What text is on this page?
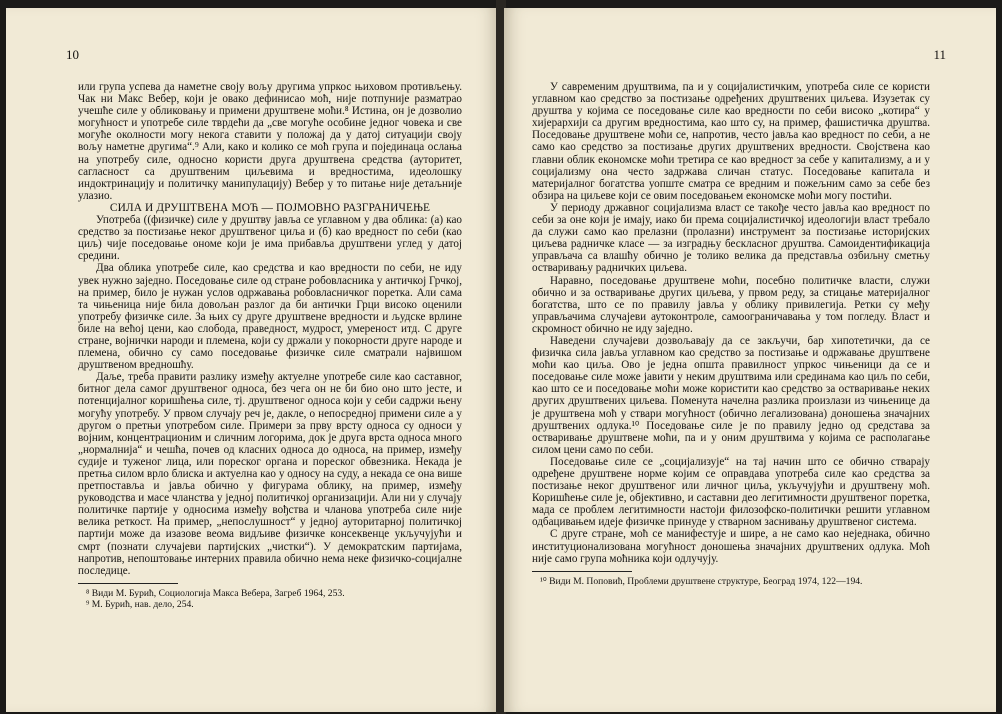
10

или група успева да наметне своју вољу другима упркос њиховом противљењу. Чак ни Макс Вебер, који је овако дефинисао моћ, није потпуније разматрао учешће силе у обликовању и примени друштвене моћи.⁸ Истина, он је дозволио могућност и употребе силе тврдећи да „све могуће особине једног човека и све могуће околности могу некога ставити у положај да у датој ситуацији своју вољу наметне другима“.⁹ Али, како и колико се моћ група и појединаца ослања на употребу силе, односно користи друга друштвена средства (ауторитет, сагласност са друштвеним циљевима и вредностима, идеолошку индоктринацију и политичку манипулацију) Вебер у то питање није детаљније улазио.

СИЛА И ДРУШТВЕНА МОЋ — ПОЈМОВНО РАЗГРАНИЧЕЊЕ

Употреба ((физичке) силе у друштву јавља се углавном у два облика: (а) као средство за постизање неког друштвеног циља и (б) као вредност по себи (као циљ) чије поседовање ономе који је има прибавља друштвени углед у датој средини.

Два облика употребе силе, као средства и као вредности по себи, не иду увек нужно заједно. Поседовање силе од стране робовласника у античкој Грчкој, на пример, било је нужан услов одржавања робовласничког поретка. Али сама та чињеница није била довољан разлог да би антички Грци високо оценили употребу физичке силе. За њих су друге друштвене вредности и људске врлине биле на већој цени, као слобода, праведност, мудрост, умереност итд. С друге стране, војнички народи и племена, који су држали у покорности друге народе и племена, обично су само поседовање физичке силе сматрали највишом друштвеном вредношћу.

Даље, треба правити разлику између актуелне употребе силе као саставног, битног дела самог друштвеног односа, без чега он не би био оно што јесте, и потенцијалног коришћења силе, тј. друштвеног односа који у себи садржи њену могућу употребу. У првом случају реч је, дакле, о непосредној примени силе а у другом о претњи употребом силе. Примери за прву врсту односа су односи у војним, концентрационим и сличним логорима, док је друга врста односа много „нормалнија“ и чешћа, почев од класних односа до односа, на пример, између судије и туженог лица, или пореског органа и пореског обвезника. Некада је претња силом врло блиска и актуелна као у односу на суду, а некада се она више претпоставља и јавља обично у фигурама облику, на пример, између руководства и масе чланства у једној политичкој организацији. Али ни у случају политичке партије у односима између вођства и чланова употреба силе није велика реткост. На пример, „непослушност“ у једној ауторитарној политичкој партији може да изазове веома видљиве физичке консеквенце укључујући и смрт (познати случајеви партијских „чистки“). У демократским партијама, напротив, непоштовање интерних правила обично нема неке физичко-социјалне последице.

⁸ Види М. Бурић, Социологија Макса Вебера, Загреб 1964, 253.

⁹ М. Бурић, нав. дело, 254.

11

У савременим друштвима, па и у социјалистичким, употреба силе се користи углавном као средство за постизање одређених друштвених циљева. Изузетак су друштва у којима се поседовање силе као вредности по себи високо „котира“ у хијерархији са другим вредностима, као што су, на пример, фашистичка друштва. Поседовање друштвене моћи се, напротив, често јавља као вредност по себи, а не само као средство за постизање других друштвених вредности. Својствена као главни облик економске моћи третира се као вредност за себе у капитализму, а и у социјализму она често задржава сличан статус. Поседовање капитала и материјалног богатства уопште сматра се вредним и пожељним само за себе без обзира на циљеве који се овим поседовањем економске моћи могу постићи.

У периоду државног социјализма власт се такође често јавља као вредност по себи за оне који је имају, иако би према социјалистичкој идеологији власт требало да служи само као прелазни (пролазни) инструмент за постизање историјских циљева радничке класе — за изградњу бескласног друштва. Самоидентификација управљача са влашћу обично је толико велика да представља озбиљну сметњу остваривању радничких циљева.

Наравно, поседовање друштвене моћи, посебно политичке власти, служи обично и за остваривање других циљева, у првом реду, за стицање материјалног богатства, што се по правилу јавља у облику привилегија. Ретки су међу управљачима случајеви аутоконтроле, самоограничавања у том погледу. Власт и скромност обично не иду заједно.

Наведени случајеви дозвољавају да се закључи, бар хипотетички, да се физичка сила јавља углавном као средство за постизање и одржавање друштвене моћи као циља. Ово је једна општа правилност упркос чињеници да се и поседовање силе може јавити у неким друштвима или срединама као циљ по себи, као што се и поседовање моћи може користити као средство за остваривање неких других друштвених циљева. Поменута начелна разлика произлази из чињенице да је друштвена моћ у ствари могућност (обично легализована) доношења значајних друштвених одлука.¹⁰ Поседовање силе је по правилу једно од средстава за остваривање друштвене моћи, па и у оним друштвима у којима се располагање силом цени само по себи.

Поседовање силе се „социјализује“ на тај начин што се обично стварају одређене друштвене норме којим се оправдава употреба силе као средства за постизање неког друштвеног или личног циља, укључујући и друштвену моћ. Коришћење силе је, објективно, и саставни део легитимности друштвеног поретка, мада се проблем легитимности настоји филозофско-политички решити углавном одбацивањем идеје физичке принуде у стварном заснивању друштвеног система.

С друге стране, моћ се манифестује и шире, а не само као неједнака, обично институционализована могућност доношења значајних друштвених одлука. Моћ није само група моћника који одлучују.

¹⁰ Види М. Поповић, Проблеми друштвене структуре, Београд 1974, 122—194.
